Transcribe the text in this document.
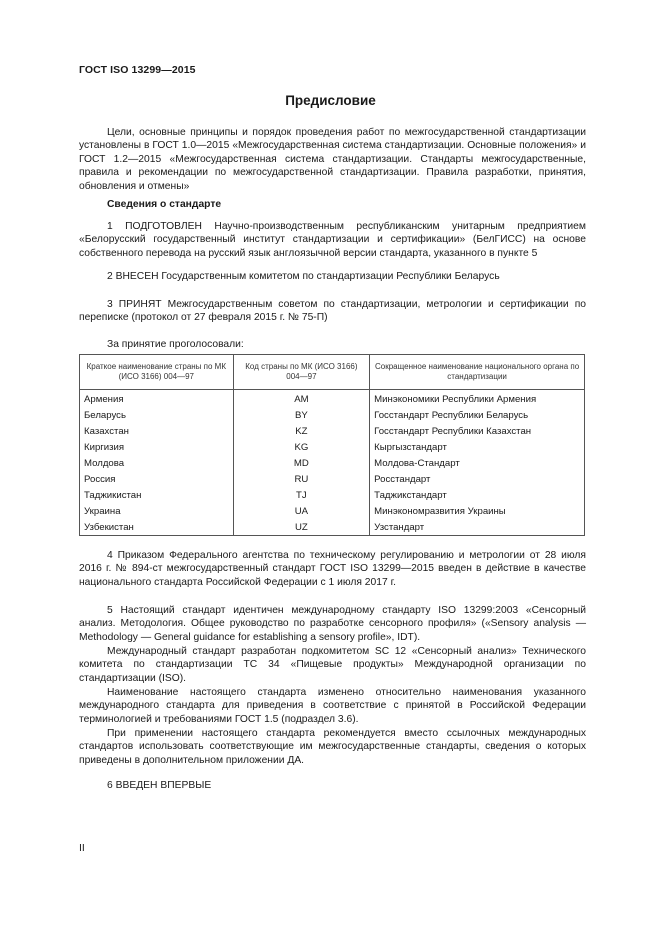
ГОСТ ISO 13299—2015
Предисловие

Цели, основные принципы и порядок проведения работ по межгосударственной стандартизации установлены в ГОСТ 1.0—2015 «Межгосударственная система стандартизации. Основные положения» и ГОСТ 1.2—2015 «Межгосударственная система стандартизации. Стандарты межгосударственные, правила и рекомендации по межгосударственной стандартизации. Правила разработки, принятия, обновления и отмены»

Сведения о стандарте

1 ПОДГОТОВЛЕН Научно-производственным республиканским унитарным предприятием «Белорусский государственный институт стандартизации и сертификации» (БелГИСС) на основе собственного перевода на русский язык англоязычной версии стандарта, указанного в пункте 5

2 ВНЕСЕН Государственным комитетом по стандартизации Республики Беларусь

3 ПРИНЯТ Межгосударственным советом по стандартизации, метрологии и сертификации по переписке (протокол от 27 февраля 2015 г. № 75-П)

За принятие проголосовали:
Краткое наименование страны по МК (ИСО 3166) 004—97	Код страны по МК (ИСО 3166) 004—97	Сокращенное наименование национального органа по стандартизации
Армения	AM	Минэкономики Республики Армения
Беларусь	BY	Госстандарт Республики Беларусь
Казахстан	KZ	Госстандарт Республики Казахстан
Киргизия	KG	Кыргызстандарт
Молдова	MD	Молдова-Стандарт
Россия	RU	Росстандарт
Таджикистан	TJ	Таджикстандарт
Украина	UA	Минэкономразвития Украины
Узбекистан	UZ	Узстандарт

4 Приказом Федерального агентства по техническому регулированию и метрологии от 28 июля 2016 г. № 894-ст межгосударственный стандарт ГОСТ ISO 13299—2015 введен в действие в качестве национального стандарта Российской Федерации с 1 июля 2017 г.

5 Настоящий стандарт идентичен международному стандарту ISO 13299:2003 «Сенсорный анализ. Методология. Общее руководство по разработке сенсорного профиля» («Sensory analysis — Methodology — General guidance for establishing a sensory profile», IDT).

Международный стандарт разработан подкомитетом SC 12 «Сенсорный анализ» Технического комитета по стандартизации ТС 34 «Пищевые продукты» Международной организации по стандартизации (ISO).

Наименование настоящего стандарта изменено относительно наименования указанного международного стандарта для приведения в соответствие с принятой в Российской Федерации терминологией и требованиями ГОСТ 1.5 (подраздел 3.6).

При применении настоящего стандарта рекомендуется вместо ссылочных международных стандартов использовать соответствующие им межгосударственные стандарты, сведения о которых приведены в дополнительном приложении ДА.

6 ВВЕДЕН ВПЕРВЫЕ
II
